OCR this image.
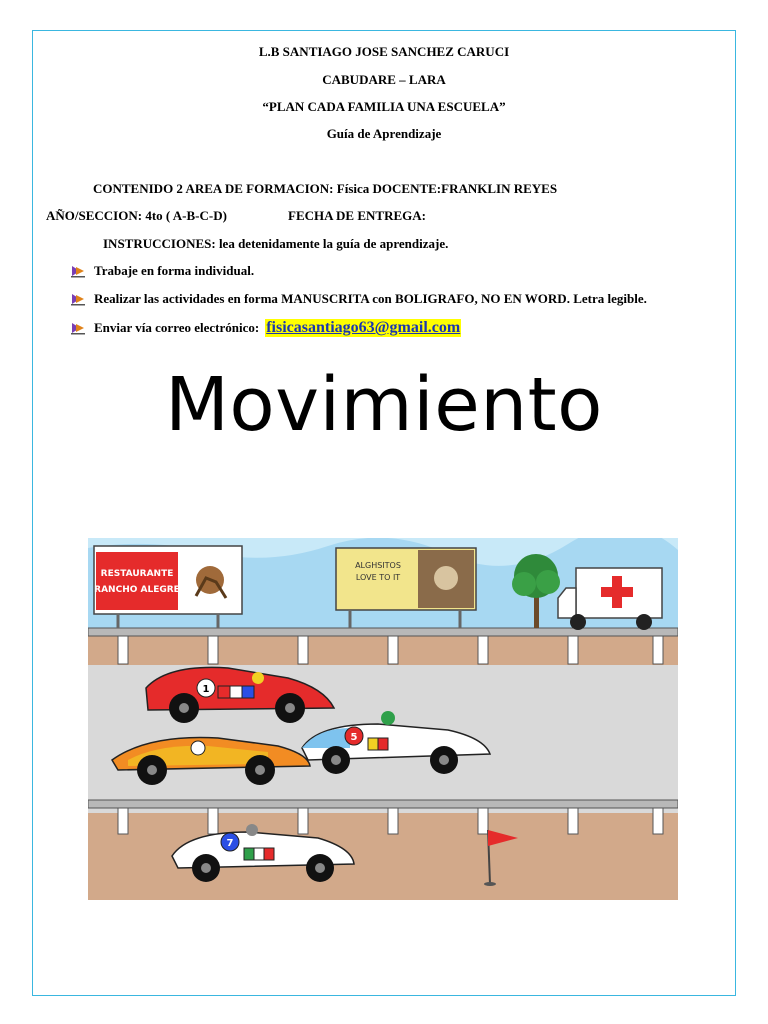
L.B SANTIAGO JOSE SANCHEZ CARUCI
CABUDARE – LARA
“PLAN CADA FAMILIA UNA ESCUELA”
Guía de Aprendizaje
CONTENIDO 2 AREA DE FORMACION: Física DOCENTE:FRANKLIN REYES
AÑO/SECCION: 4to ( A-B-C-D)	FECHA DE ENTREGA:
INSTRUCCIONES: lea detenidamente la guía de aprendizaje.
Trabaje en forma individual.
Realizar las actividades en forma MANUSCRITA con BOLIGRAFO, NO EN WORD. Letra legible.
Enviar vía correo electrónico: fisicasantiago63@gmail.com
Movimiento
RESTAURANTE
RANCHO ALEGRE
ALGHSITOS
LOVE TO IT
1
5
7
